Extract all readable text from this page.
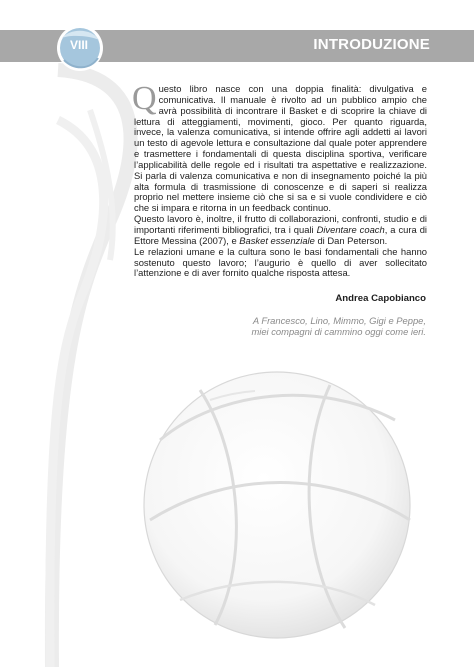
INTRODUZIONE
VIII

Questo libro nasce con una doppia finalità: divulgativa e comunicativa. Il manuale è rivolto ad un pubblico ampio che avrà possibilità di incontrare il Basket e di scoprire la chiave di lettura di atteggiamenti, movimenti, gioco. Per quanto riguarda, invece, la valenza comunicativa, si intende offrire agli addetti ai lavori un testo di agevole lettura e consultazione dal quale poter apprendere e trasmettere i fondamentali di questa disciplina sportiva, verificare l’applicabilità delle regole ed i risultati tra aspettative e realizzazione. Si parla di valenza comunicativa e non di insegnamento poiché la più alta formula di trasmissione di conoscenze e di saperi si realizza proprio nel mettere insieme ciò che si sa e si vuole condividere e ciò che si impara e ritorna in un feedback continuo.

Questo lavoro è, inoltre, il frutto di collaborazioni, confronti, studio e di importanti riferimenti bibliografici, tra i quali Diventare coach, a cura di Ettore Messina (2007), e Basket essenziale di Dan Peterson.

Le relazioni umane e la cultura sono le basi fondamentali che hanno sostenuto questo lavoro; l’augurio è quello di aver sollecitato l’attenzione e di aver fornito qualche risposta attesa.

Andrea Capobianco
A Francesco, Lino, Mimmo, Gigi e Peppe,
miei compagni di cammino oggi come ieri.
